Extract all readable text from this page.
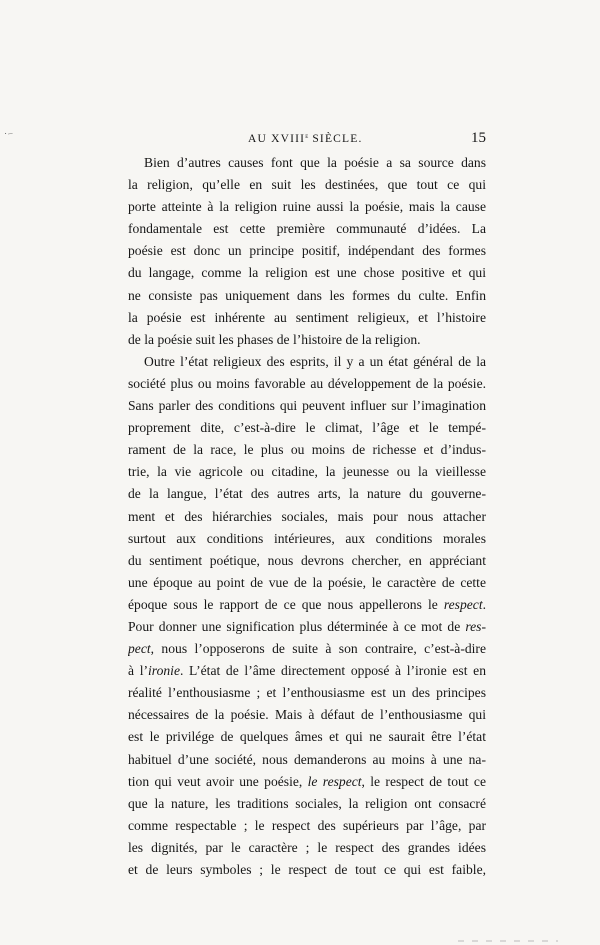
·–	AU XVIIIe SIÈCLE.	15
Bien d’autres causes font que la poésie a sa source dans
la religion, qu’elle en suit les destinées, que tout ce qui
porte atteinte à la religion ruine aussi la poésie, mais la cause
fondamentale est cette première communauté d’idées. La
poésie est donc un principe positif, indépendant des formes
du langage, comme la religion est une chose positive et qui
ne consiste pas uniquement dans les formes du culte. Enfin
la poésie est inhérente au sentiment religieux, et l’histoire
de la poésie suit les phases de l’histoire de la religion.
Outre l’état religieux des esprits, il y a un état général de la
société plus ou moins favorable au développement de la poésie.
Sans parler des conditions qui peuvent influer sur l’imagination
proprement dite, c’est-à-dire le climat, l’âge et le tempé-
rament de la race, le plus ou moins de richesse et d’indus-
trie, la vie agricole ou citadine, la jeunesse ou la vieillesse
de la langue, l’état des autres arts, la nature du gouverne-
ment et des hiérarchies sociales, mais pour nous attacher
surtout aux conditions intérieures, aux conditions morales
du sentiment poétique, nous devrons chercher, en appréciant
une époque au point de vue de la poésie, le caractère de cette
époque sous le rapport de ce que nous appellerons le respect.
Pour donner une signification plus déterminée à ce mot de res-
pect, nous l’opposerons de suite à son contraire, c’est-à-dire
à l’ironie. L’état de l’âme directement opposé à l’ironie est en
réalité l’enthousiasme ; et l’enthousiasme est un des principes
nécessaires de la poésie. Mais à défaut de l’enthousiasme qui
est le privilége de quelques âmes et qui ne saurait être l’état
habituel d’une société, nous demanderons au moins à une na-
tion qui veut avoir une poésie, le respect, le respect de tout ce
que la nature, les traditions sociales, la religion ont consacré
comme respectable ; le respect des supérieurs par l’âge, par
les dignités, par le caractère ; le respect des grandes idées
et de leurs symboles ; le respect de tout ce qui est faible,
